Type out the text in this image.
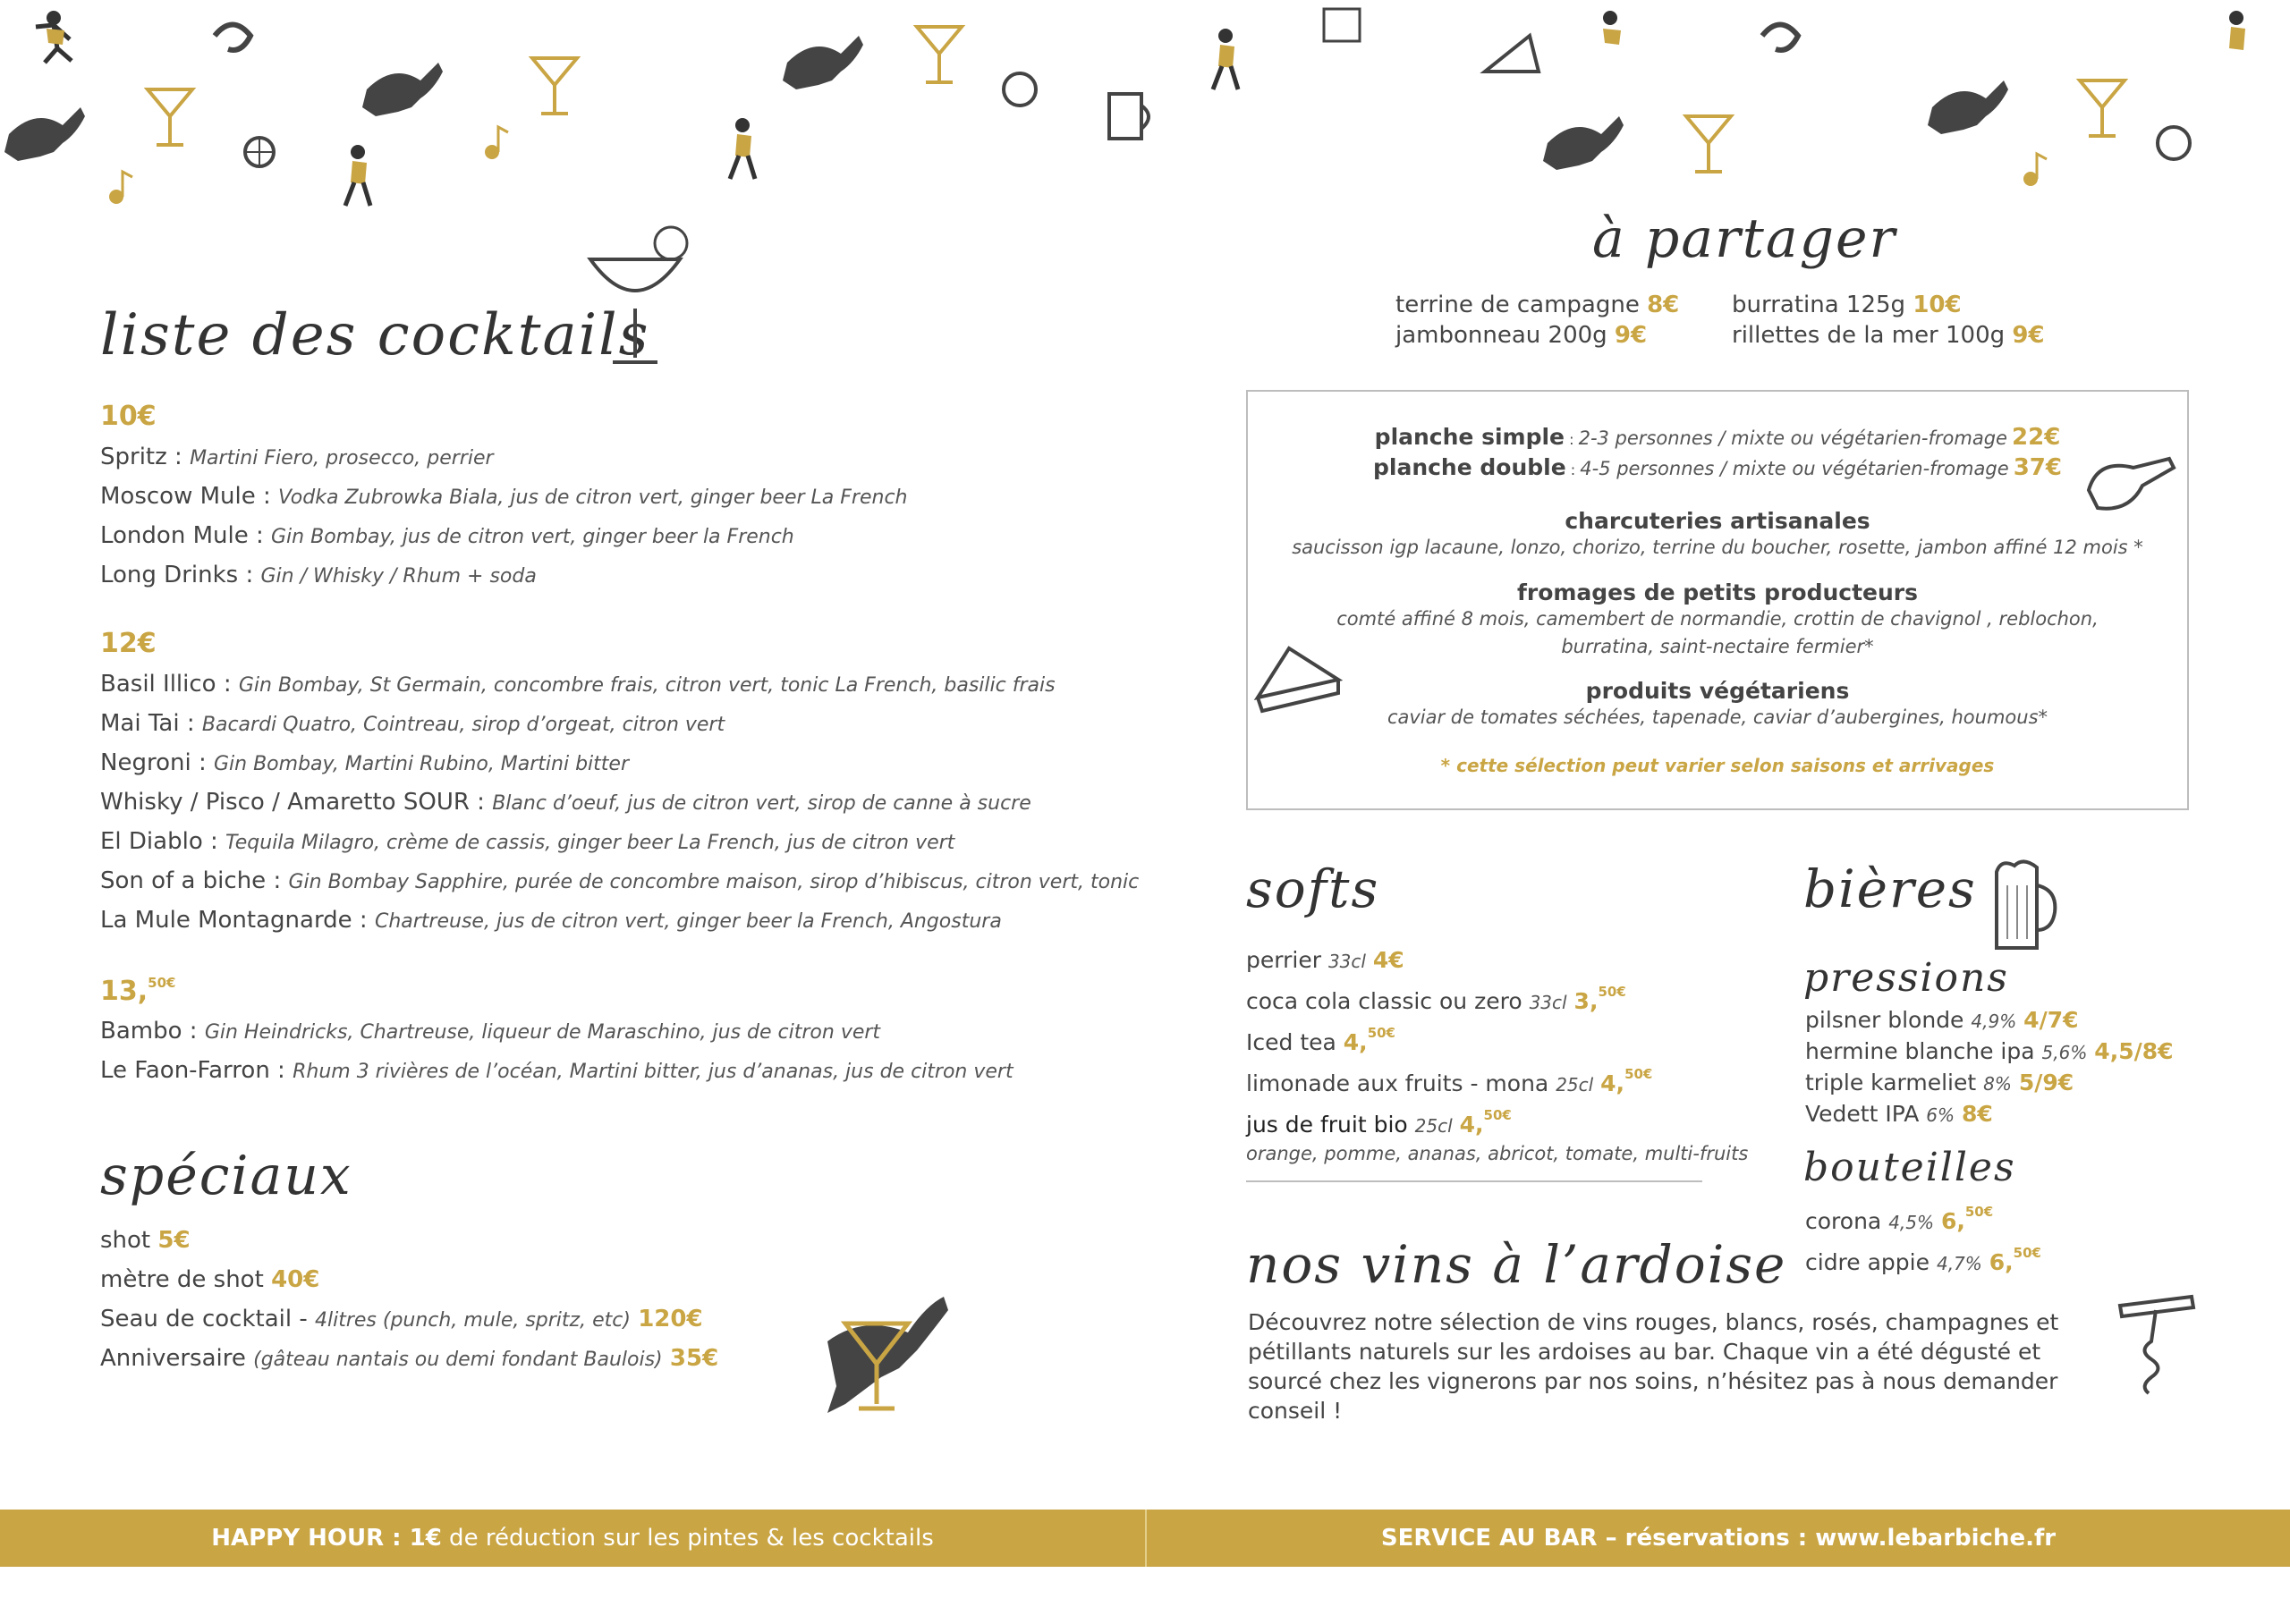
liste des cocktails
10€
Spritz : Martini Fiero, prosecco, perrier
Moscow Mule : Vodka Zubrowka Biala, jus de citron vert, ginger beer La French
London Mule : Gin Bombay, jus de citron vert, ginger beer la French
Long Drinks : Gin / Whisky / Rhum + soda
12€
Basil Illico : Gin Bombay, St Germain, concombre frais, citron vert, tonic La French, basilic frais
Mai Tai : Bacardi Quatro, Cointreau, sirop d’orgeat, citron vert
Negroni : Gin Bombay, Martini Rubino, Martini bitter
Whisky / Pisco / Amaretto SOUR : Blanc d’oeuf, jus de citron vert, sirop de canne à sucre
El Diablo : Tequila Milagro, crème de cassis, ginger beer La French, jus de citron vert
Son of a biche : Gin Bombay Sapphire, purée de concombre maison, sirop d’hibiscus, citron vert, tonic
La Mule Montagnarde : Chartreuse, jus de citron vert, ginger beer la French, Angostura
13,$^{50€}$
Bambo : Gin Heindricks, Chartreuse, liqueur de Maraschino, jus de citron vert
Le Faon-Farron : Rhum 3 rivières de l’océan, Martini bitter, jus d’ananas, jus de citron vert
spéciaux
shot 5€
mètre de shot 40€
Seau de cocktail - 4litres (punch, mule, spritz, etc) 120€
Anniversaire (gâteau nantais ou demi fondant Baulois) 35€
à partager
terrine de campagne 8€
jambonneau 200g 9€
burratina 125g 10€
rillettes de la mer 100g 9€
planche simple : 2-3 personnes / mixte ou végétarien-fromage 22€
planche double : 4-5 personnes / mixte ou végétarien-fromage 37€
charcuteries artisanales
saucisson igp lacaune, lonzo, chorizo, terrine du boucher, rosette, jambon affiné 12 mois *
fromages de petits producteurs
comté affiné 8 mois, camembert de normandie, crottin de chavignol , reblochon,
burratina, saint-nectaire fermier*
produits végétariens
caviar de tomates séchées, tapenade, caviar d’aubergines, houmous*
* cette sélection peut varier selon saisons et arrivages
softs
perrier 33cl 4€
coca cola classic ou zero 33cl 3,$^{50€}$
Iced tea 4,$^{50€}$
limonade aux fruits - mona 25cl 4,$^{50€}$
jus de fruit bio 25cl 4,$^{50€}$
orange, pomme, ananas, abricot, tomate, multi-fruits
bières
pressions
pilsner blonde 4,9% 4/7€
hermine blanche ipa 5,6% 4,5/8€
triple karmeliet 8% 5/9€
Vedett IPA 6% 8€
bouteilles
corona 4,5% 6,$^{50€}$
cidre appie 4,7% 6,$^{50€}$
nos vins à l’ardoise
Découvrez notre sélection de vins rouges, blancs, rosés, champagnes et pétillants naturels sur les ardoises au bar. Chaque vin a été dégusté et sourcé chez les vignerons par nos soins, n’hésitez pas à nous demander conseil !
HAPPY HOUR : 1€ de réduction sur les pintes & les cocktails	SERVICE AU BAR – réservations : www.lebarbiche.fr
